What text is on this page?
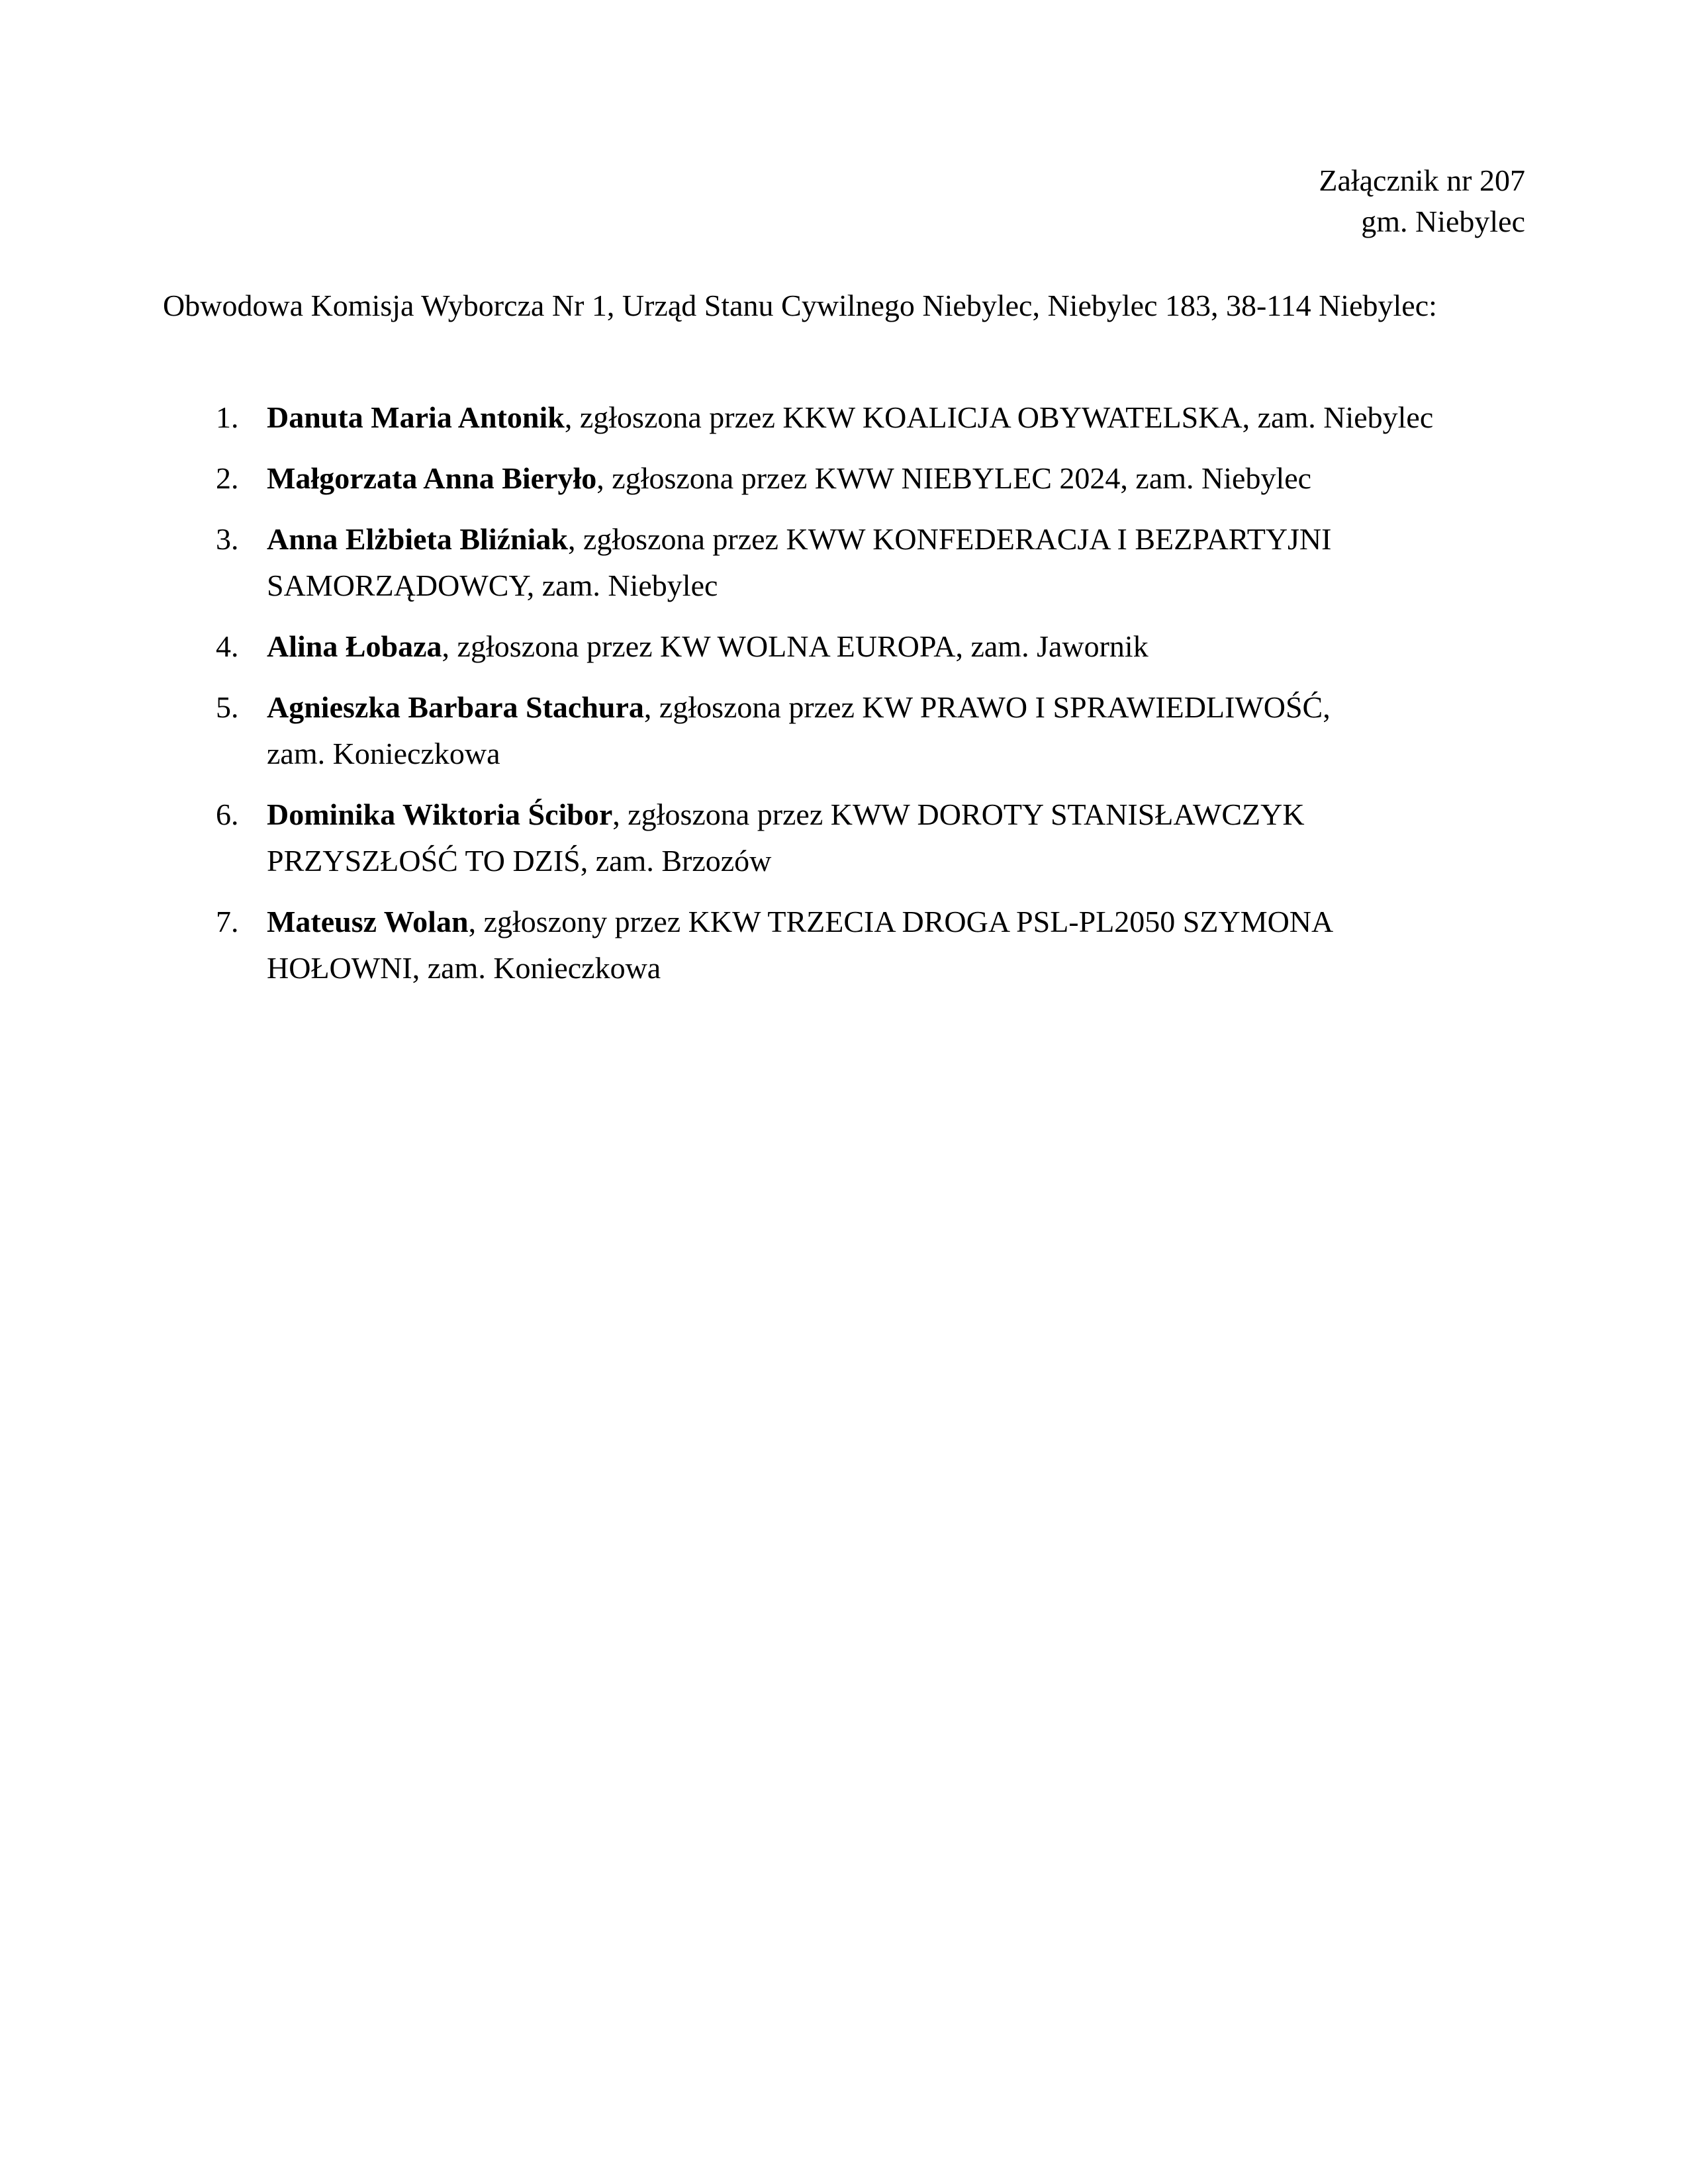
Załącznik nr 207
gm. Niebylec
Obwodowa Komisja Wyborcza Nr 1, Urząd Stanu Cywilnego Niebylec, Niebylec 183, 38-114 Niebylec:
1. Danuta Maria Antonik, zgłoszona przez KKW KOALICJA OBYWATELSKA, zam. Niebylec
2. Małgorzata Anna Bieryło, zgłoszona przez KWW NIEBYLEC 2024, zam. Niebylec
3. Anna Elżbieta Bliźniak, zgłoszona przez KWW KONFEDERACJA I BEZPARTYJNI
SAMORZĄDOWCY, zam. Niebylec
4. Alina Łobaza, zgłoszona przez KW WOLNA EUROPA, zam. Jawornik
5. Agnieszka Barbara Stachura, zgłoszona przez KW PRAWO I SPRAWIEDLIWOŚĆ,
zam. Konieczkowa
6. Dominika Wiktoria Ścibor, zgłoszona przez KWW DOROTY STANISŁAWCZYK
PRZYSZŁOŚĆ TO DZIŚ, zam. Brzozów
7. Mateusz Wolan, zgłoszony przez KKW TRZECIA DROGA PSL-PL2050 SZYMONA
HOŁOWNI, zam. Konieczkowa
